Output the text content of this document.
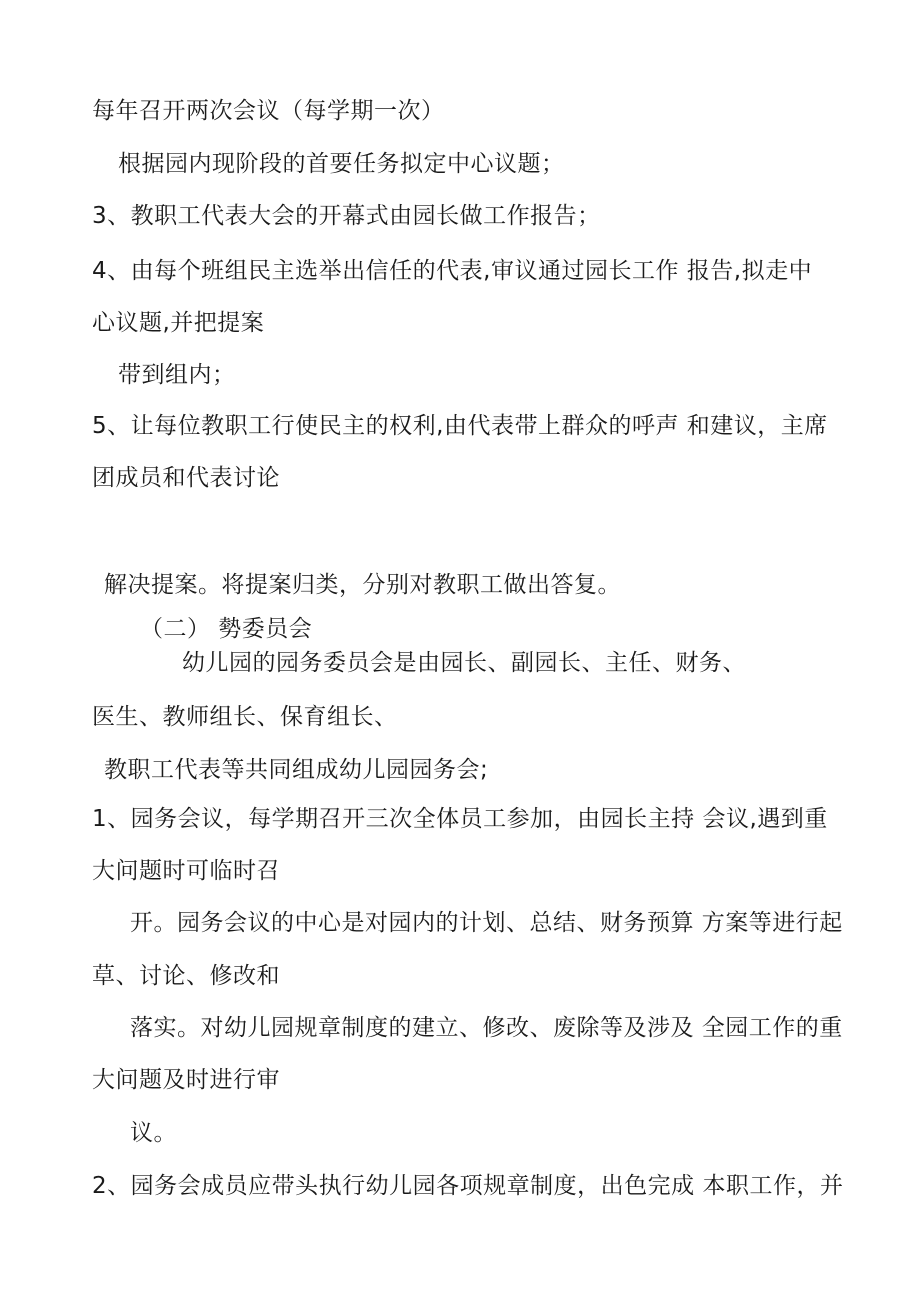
每年召开两次会议（每学期一次）
根据园内现阶段的首要任务拟定中心议题；
3、教职工代表大会的开幕式由园长做工作报告；
4、由每个班组民主选举出信任的代表,审议通过园长工作 报告,拟走中
心议题,并把提案
带到组内；
5、让每位教职工行使民主的权利,由代表带上群众的呼声 和建议，主席
团成员和代表讨论
解决提案。将提案归类，分别对教职工做出答复。
（二） 勢委员会
幼儿园的园务委员会是由园长、副园长、主任、财务、
医生、教师组长、保育组长、
教职工代表等共同组成幼儿园园务会;
1、园务会议，每学期召开三次全体员工参加，由园长主持 会议,遇到重
大问题时可临时召
开。园务会议的中心是对园内的计划、总结、财务预算 方案等进行起
草、讨论、修改和
落实。对幼儿园规章制度的建立、修改、废除等及涉及 全园工作的重
大问题及时进行审
议。
2、园务会成员应带头执行幼儿园各项规章制度，出色完成 本职工作，并
